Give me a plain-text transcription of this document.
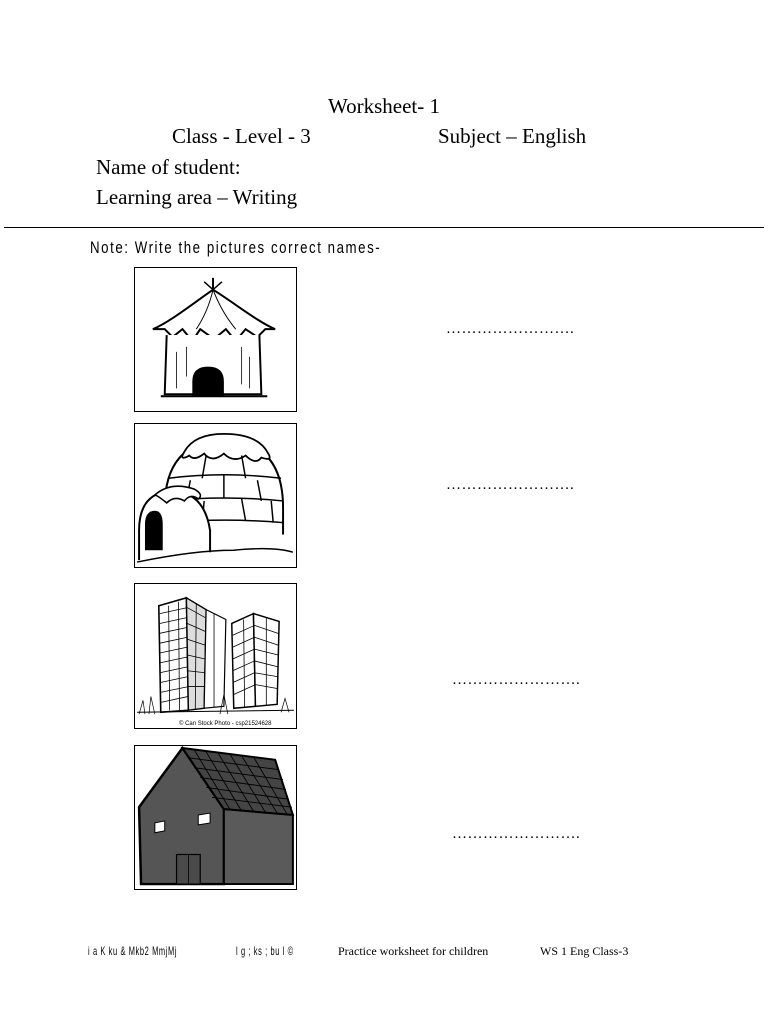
Worksheet- 1
Class - Level - 3	Subject – English
Name of student:
Learning area – Writing
Note: Write the pictures correct names-
…………………….
…………………….
© Can Stock Photo - csp21524628
…………………….
…………………….
i a K ku & Mkb2 MmjMj	l g ; ks ; bu l ©	Practice worksheet for children	WS 1 Eng Class-3
